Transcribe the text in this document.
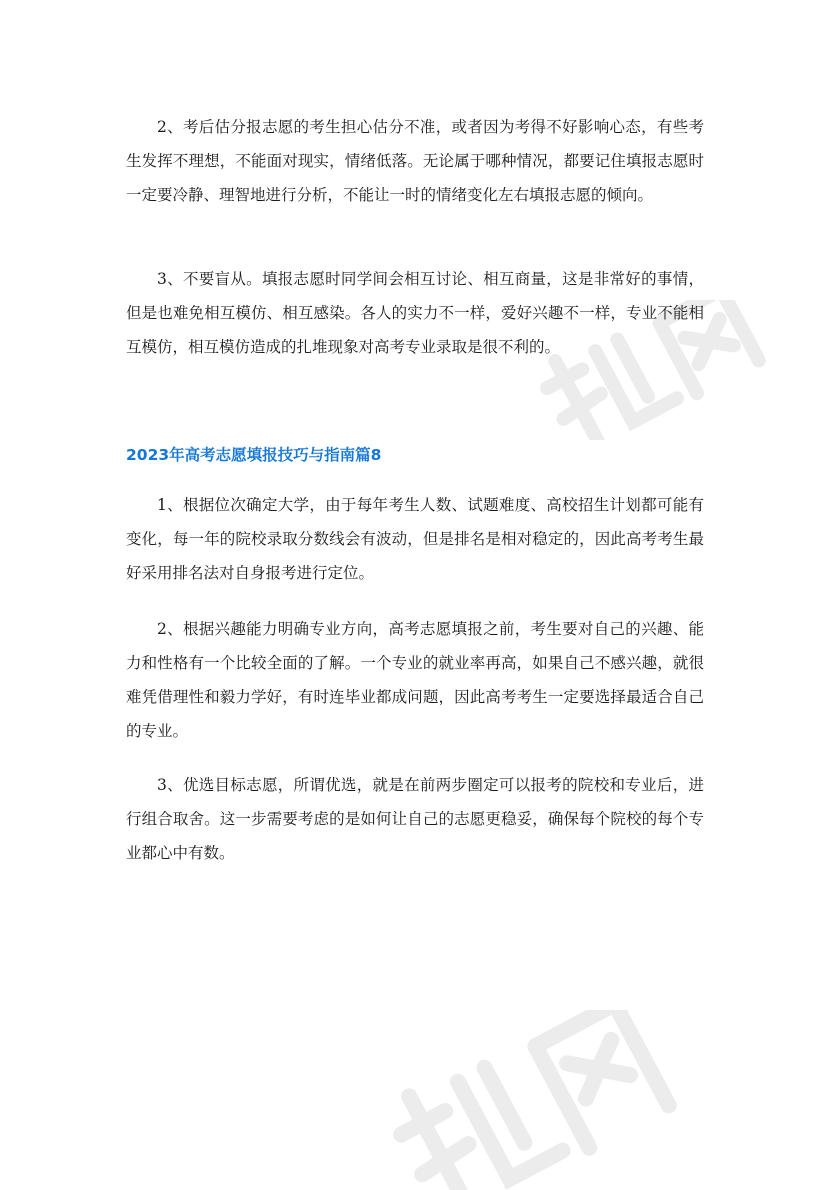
2、考后估分报志愿的考生担心估分不准，或者因为考得不好影响心态，有些考生发挥不理想，不能面对现实，情绪低落。无论属于哪种情况，都要记住填报志愿时一定要冷静、理智地进行分析，不能让一时的情绪变化左右填报志愿的倾向。

3、不要盲从。填报志愿时同学间会相互讨论、相互商量，这是非常好的事情，但是也难免相互模仿、相互感染。各人的实力不一样，爱好兴趣不一样，专业不能相互模仿，相互模仿造成的扎堆现象对高考专业录取是很不利的。

2023年高考志愿填报技巧与指南篇8

1、根据位次确定大学，由于每年考生人数、试题难度、高校招生计划都可能有变化，每一年的院校录取分数线会有波动，但是排名是相对稳定的，因此高考考生最好采用排名法对自身报考进行定位。

2、根据兴趣能力明确专业方向，高考志愿填报之前，考生要对自己的兴趣、能力和性格有一个比较全面的了解。一个专业的就业率再高，如果自己不感兴趣，就很难凭借理性和毅力学好，有时连毕业都成问题，因此高考考生一定要选择最适合自己的专业。

3、优选目标志愿，所谓优选，就是在前两步圈定可以报考的院校和专业后，进行组合取舍。这一步需要考虑的是如何让自己的志愿更稳妥，确保每个院校的每个专业都心中有数。
